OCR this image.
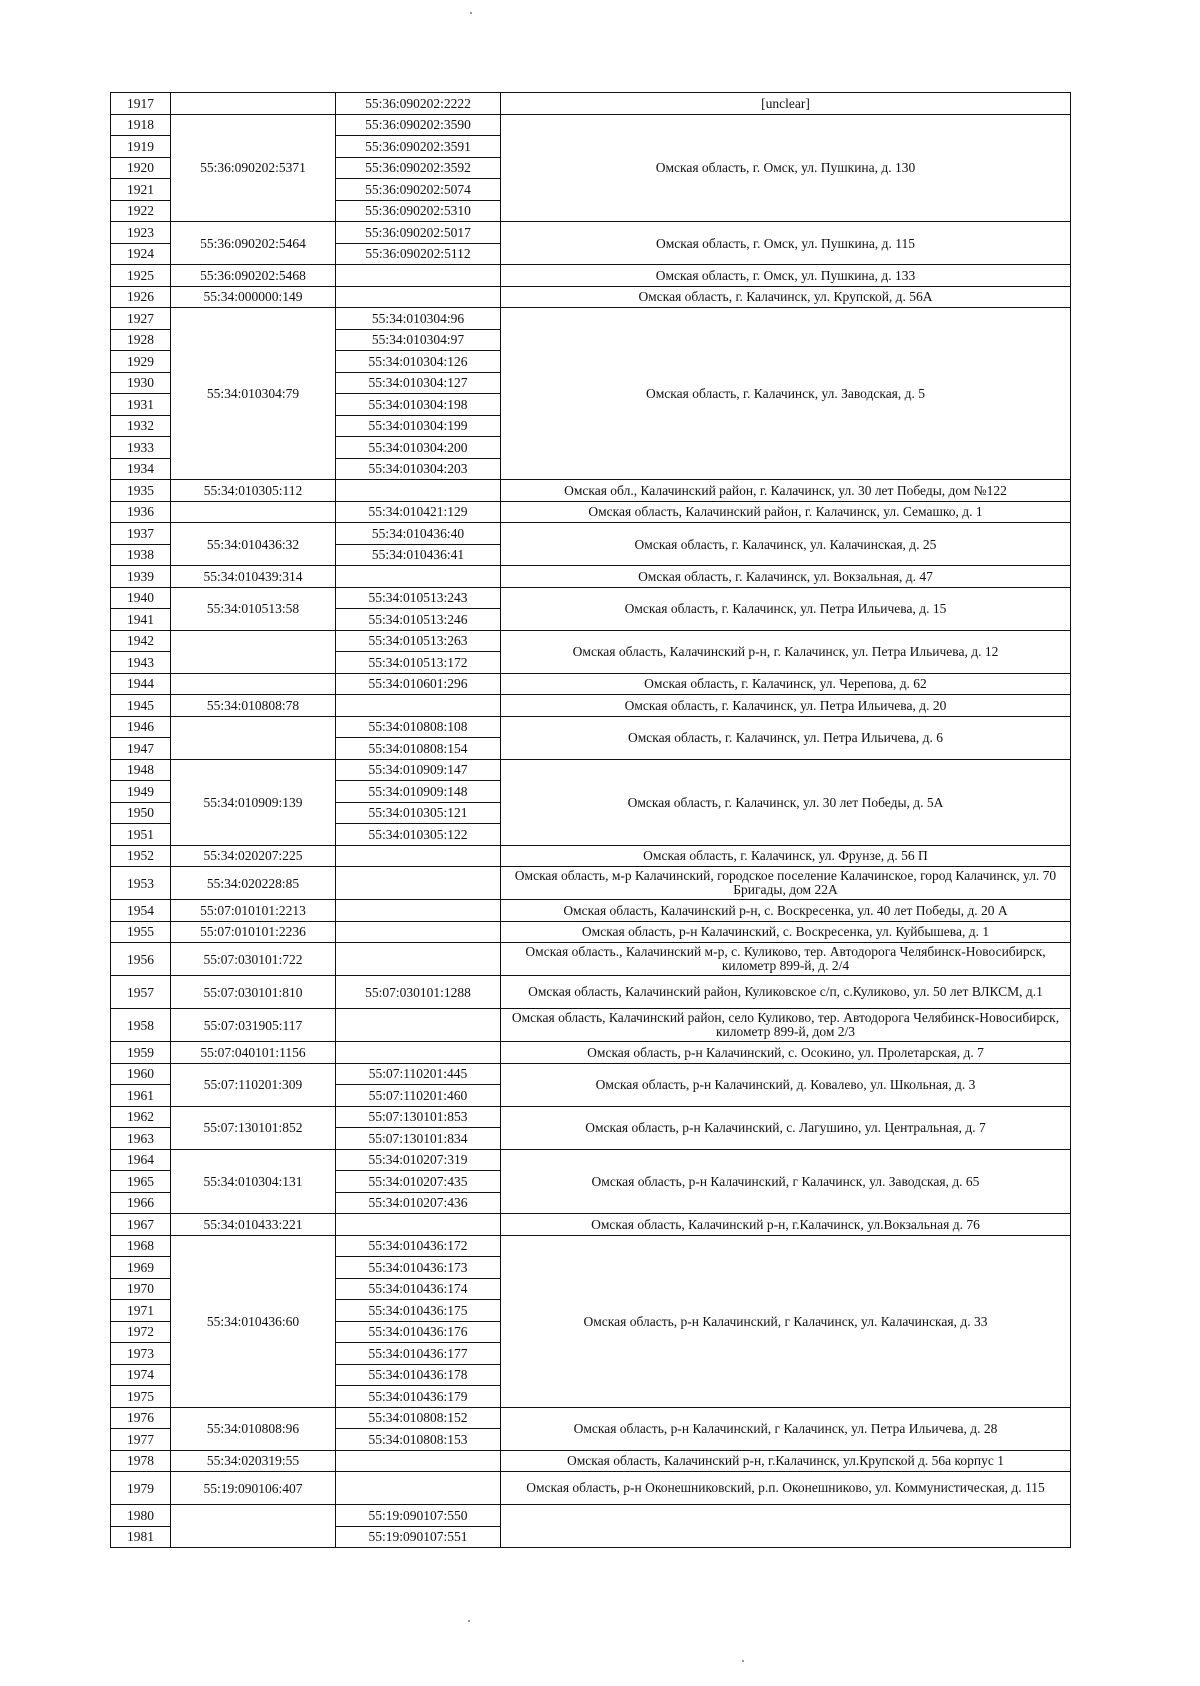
1917		55:36:090202:2222	[unclear]
1918	55:36:090202:5371	55:36:090202:3590	Омская область, г. Омск, ул. Пушкина, д. 130
1919		55:36:090202:3591	
1920		55:36:090202:3592	
1921		55:36:090202:5074	
1922		55:36:090202:5310	
1923	55:36:090202:5464	55:36:090202:5017	Омская область, г. Омск, ул. Пушкина, д. 115
1924		55:36:090202:5112	
1925	55:36:090202:5468		Омская область, г. Омск, ул. Пушкина, д. 133
1926	55:34:000000:149		Омская область, г. Калачинск, ул. Крупской, д. 56А
1927	55:34:010304:79	55:34:010304:96	Омская область, г. Калачинск, ул. Заводская, д. 5
1928		55:34:010304:97	
1929		55:34:010304:126	
1930		55:34:010304:127	
1931		55:34:010304:198	
1932		55:34:010304:199	
1933		55:34:010304:200	
1934		55:34:010304:203	
1935	55:34:010305:112		Омская обл., Калачинский район, г. Калачинск, ул. 30 лет Победы, дом №122
1936		55:34:010421:129	Омская область, Калачинский район, г. Калачинск, ул. Семашко, д. 1
1937	55:34:010436:32	55:34:010436:40	Омская область, г. Калачинск, ул. Калачинская, д. 25
1938		55:34:010436:41	
1939	55:34:010439:314		Омская область, г. Калачинск, ул. Вокзальная, д. 47
1940	55:34:010513:58	55:34:010513:243	Омская область, г. Калачинск, ул. Петра Ильичева, д. 15
1941		55:34:010513:246	
1942		55:34:010513:263	Омская область, Калачинский р-н, г. Калачинск, ул. Петра Ильичева, д. 12
1943		55:34:010513:172	
1944		55:34:010601:296	Омская область, г. Калачинск, ул. Черепова, д. 62
1945	55:34:010808:78		Омская область, г. Калачинск, ул. Петра Ильичева, д. 20
1946		55:34:010808:108	Омская область, г. Калачинск, ул. Петра Ильичева, д. 6
1947		55:34:010808:154	
1948	55:34:010909:139	55:34:010909:147	Омская область, г. Калачинск, ул. 30 лет Победы, д. 5А
1949		55:34:010909:148	
1950		55:34:010305:121	
1951		55:34:010305:122	
1952	55:34:020207:225		Омская область, г. Калачинск, ул. Фрунзе, д. 56 П
1953	55:34:020228:85		Омская область, м-р Калачинский, городское поселение Калачинское, город Калачинск, ул. 70 Бригады, дом 22А
1954	55:07:010101:2213		Омская область, Калачинский р-н, с. Воскресенка, ул. 40 лет Победы, д. 20 А
1955	55:07:010101:2236		Омская область, р-н Калачинский, с. Воскресенка, ул. Куйбышева, д. 1
1956	55:07:030101:722		Омская область., Калачинский м-р, с. Куликово, тер. Автодорога Челябинск-Новосибирск, километр 899-й, д. 2/4
1957	55:07:030101:810	55:07:030101:1288	Омская область, Калачинский район, Куликовское с/п, с.Куликово, ул. 50 лет ВЛКСМ, д.1
1958	55:07:031905:117		Омская область, Калачинский район, село Куликово, тер. Автодорога Челябинск-Новосибирск, километр 899-й, дом 2/3
1959	55:07:040101:1156		Омская область, р-н Калачинский, с. Осокино, ул. Пролетарская, д. 7
1960	55:07:110201:309	55:07:110201:445	Омская область, р-н Калачинский, д. Ковалево, ул. Школьная, д. 3
1961		55:07:110201:460	
1962	55:07:130101:852	55:07:130101:853	Омская область, р-н Калачинский, с. Лагушино, ул. Центральная, д. 7
1963		55:07:130101:834	
1964	55:34:010304:131	55:34:010207:319	Омская область, р-н Калачинский, г Калачинск, ул. Заводская, д. 65
1965		55:34:010207:435	
1966		55:34:010207:436	
1967	55:34:010433:221		Омская область, Калачинский р-н, г.Калачинск, ул.Вокзальная д. 76
1968	55:34:010436:60	55:34:010436:172	Омская область, р-н Калачинский, г Калачинск, ул. Калачинская, д. 33
1969		55:34:010436:173	
1970		55:34:010436:174	
1971		55:34:010436:175	
1972		55:34:010436:176	
1973		55:34:010436:177	
1974		55:34:010436:178	
1975		55:34:010436:179	
1976	55:34:010808:96	55:34:010808:152	Омская область, р-н Калачинский, г Калачинск, ул. Петра Ильичева, д. 28
1977		55:34:010808:153	
1978	55:34:020319:55		Омская область, Калачинский р-н, г.Калачинск, ул.Крупской д. 56а корпус 1
1979	55:19:090106:407		Омская область, р-н Оконешниковский, р.п. Оконешниково, ул. Коммунистическая, д. 115
1980		55:19:090107:550	
1981		55:19:090107:551	
